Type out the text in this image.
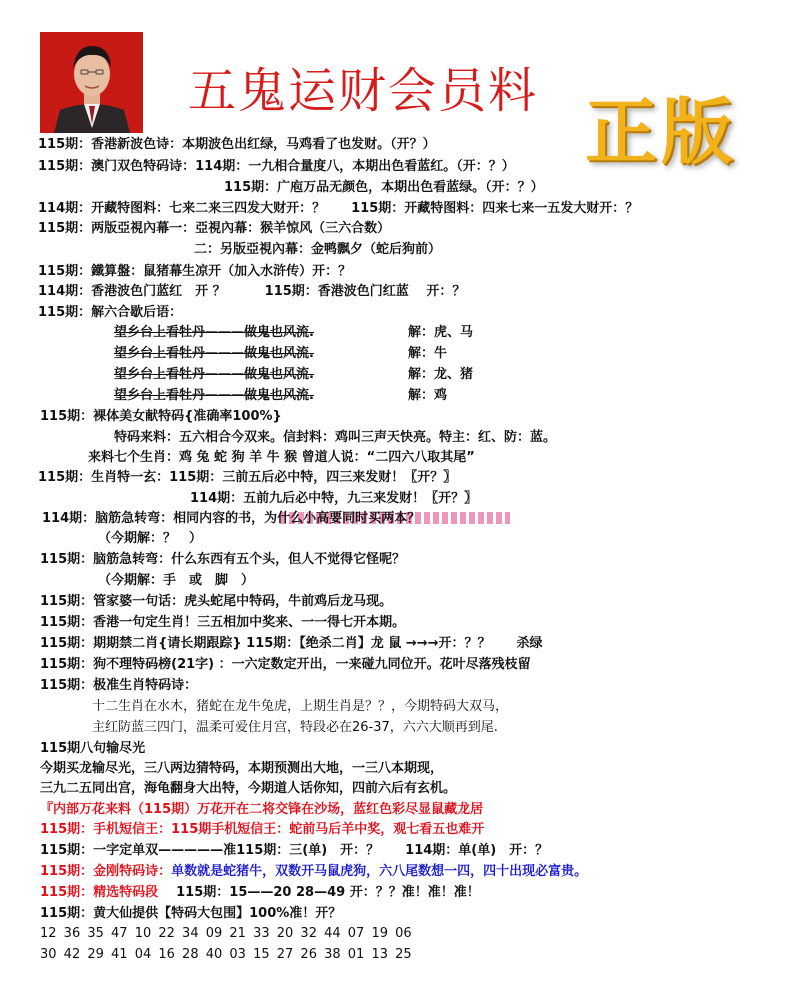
五鬼运财会员料 正版
115期：香港新波色诗：本期波色出红绿，马鸡看了也发财。（开？）
115期：澳门双色特码诗：114期：一九相合量度八，本期出色看蓝红。（开：？）
115期：广庖万品无颜色，本期出色看蓝绿。（开：？）
114期：开藏特图料：七来二来三四发大财开：？　　115期：开藏特图料：四来七来一五发大财开：？
115期：两版亞視內幕一：亞視內幕：猴羊惊风（三六合数）
二：另版亞視內幕：金鸭飘夕（蛇后狗前）
115期：鐵算盤：鼠猪幕生凉开（加入水浒传）开：？
114期：香港波色门蓝红　开 ？　　　115期：香港波色门红蓝　 开：？
115期：解六合歇后语：
望乡台上看牡丹———做鬼也风流.	解：虎、马
望乡台上看牡丹———做鬼也风流.	解：牛
望乡台上看牡丹———做鬼也风流.	解：龙、猪
望乡台上看牡丹———做鬼也风流.	解：鸡
115期：裸体美女献特码{准确率100%}
特码来料：五六相合今双来。信封料：鸡叫三声天快亮。特主：红、防：蓝。
来料七个生肖：鸡 兔 蛇 狗 羊 牛 猴 曾道人说：“二四六八取其尾”
115期：生肖特一玄：115期：三前五后必中特，四三来发财！〖开？〗
114期：五前九后必中特，九三来发财！〖开？〗
114期：脑筋急转弯：相同内容的书，为什么小高要同时买两本？
（今期解：？　）
115期：脑筋急转弯：什么东西有五个头，但人不觉得它怪呢？
（今期解：手　或　脚　）
115期：管家婆一句话：虎头蛇尾中特码，牛前鸡后龙马现。
115期：香港一句定生肖！三五相加中奖来、一一得七开本期。
115期：期期禁二肖{请长期跟踪} 115期：【绝杀二肖】龙 鼠 →→→开：？？　　杀绿
115期：狗不理特码榜(21字) ：一六定数定开出，一来碰九同位开。花叶尽落残枝留
115期：极准生肖特码诗：
十二生肖在水木，猪蛇在龙牛兔虎，上期生肖是？？，今期特码大双马，
主红防蓝三四门，温柔可爱住月宫，特段必在26-37，六六大顺再到尾.
115期八句输尽光
今期买龙输尽光，三八两边猜特码，本期预测出大地，一三八本期现，
三九二五同出宫，海龟翻身大出特，今期道人话你知，四前六后有玄机。
『内部万花来料（115期）万花开在二将交锋在沙场，蓝红色彩尽显鼠藏龙居
115期：手机短信王：115期手机短信王：蛇前马后羊中奖，观七看五也难开
115期：一字定单双—————准115期：三(单)　开：？　　114期：单(单)　开：？
115期：金刚特码诗：单数就是蛇猪牛，双数开马鼠虎狗，六八尾数想一四，四十出现必富贵。
115期：精选特码段 115期：15——20 28—49 开：？？准！准！准！
115期：黄大仙提供【特码大包围】100%准！开？
12 36 35 47 10 22 34 09 21 33 20 32 44 07 19 06
30 42 29 41 04 16 28 40 03 15 27 26 38 01 13 25
